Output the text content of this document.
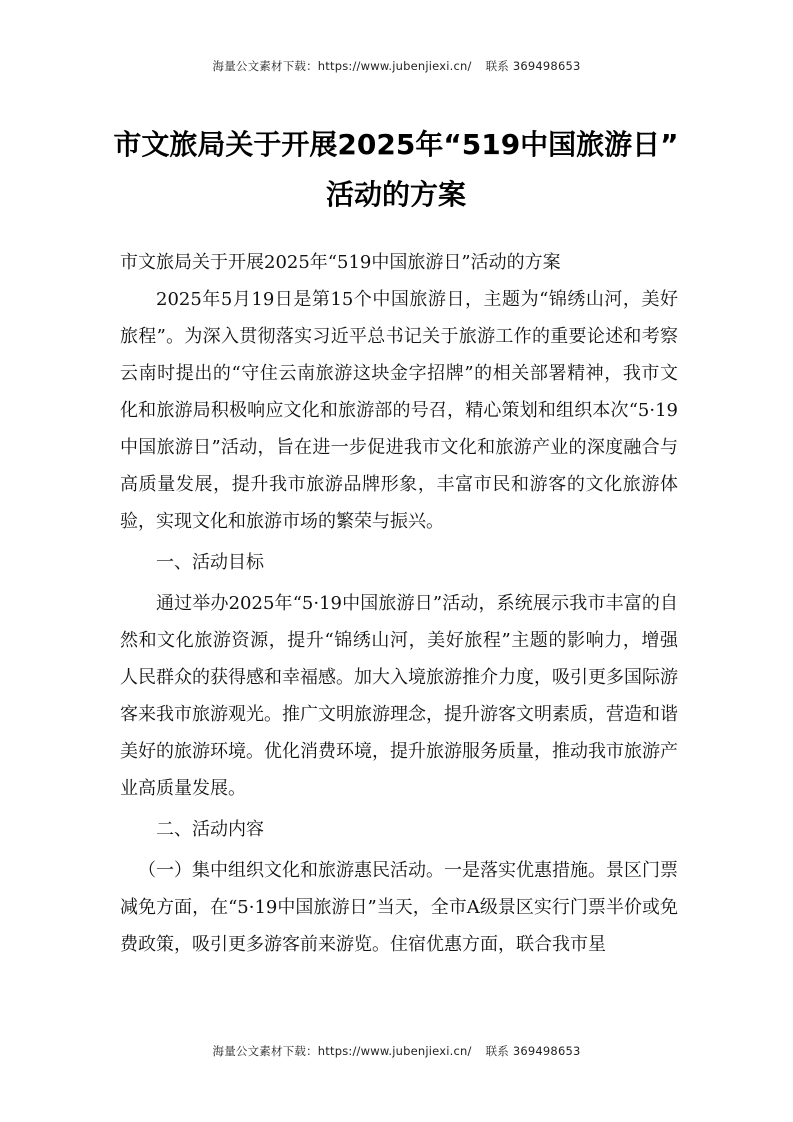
海量公文素材下载：https://www.jubenjiexi.cn/ 联系 369498653
市文旅局关于开展2025年“519中国旅游日”
活动的方案

市文旅局关于开展2025年“519中国旅游日”活动的方案

2025年5月19日是第15个中国旅游日，主题为“锦绣山河，美好旅程”。为深入贯彻落实习近平总书记关于旅游工作的重要论述和考察云南时提出的“守住云南旅游这块金字招牌”的相关部署精神，我市文化和旅游局积极响应文化和旅游部的号召，精心策划和组织本次“5·19中国旅游日”活动，旨在进一步促进我市文化和旅游产业的深度融合与高质量发展，提升我市旅游品牌形象，丰富市民和游客的文化旅游体验，实现文化和旅游市场的繁荣与振兴。

一、活动目标

通过举办2025年“5·19中国旅游日”活动，系统展示我市丰富的自然和文化旅游资源，提升“锦绣山河，美好旅程”主题的影响力，增强人民群众的获得感和幸福感。加大入境旅游推介力度，吸引更多国际游客来我市旅游观光。推广文明旅游理念，提升游客文明素质，营造和谐美好的旅游环境。优化消费环境，提升旅游服务质量，推动我市旅游产业高质量发展。

二、活动内容

（一）集中组织文化和旅游惠民活动。一是落实优惠措施。景区门票减免方面，在“5·19中国旅游日”当天，全市A级景区实行门票半价或免费政策，吸引更多游客前来游览。住宿优惠方面，联合我市星

海量公文素材下载：https://www.jubenjiexi.cn/ 联系 369498653
